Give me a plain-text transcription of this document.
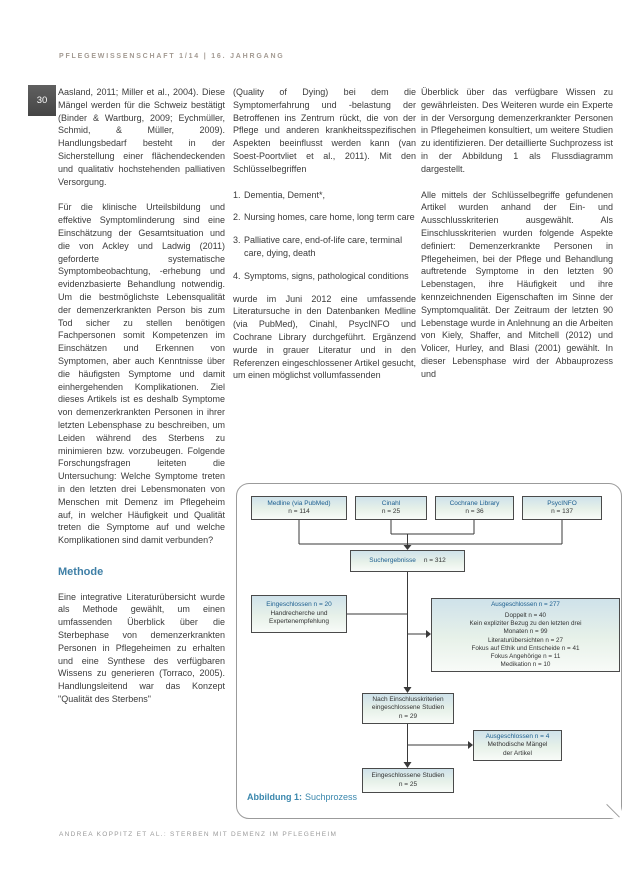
PFLEGEWISSENSCHAFT 1/14 | 16. JAHRGANG
30

Aasland, 2011; Miller et al., 2004). Diese Mängel werden für die Schweiz bestätigt (Binder & Wartburg, 2009; Eychmüller, Schmid, & Müller, 2009). Handlungsbedarf besteht in der Sicherstellung einer flächendeckenden und qualitativ hochstehenden palliativen Versorgung.

Für die klinische Urteilsbildung und effektive Symptomlinderung sind eine Einschätzung der Gesamtsituation und die von Ackley und Ladwig (2011) geforderte systematische Symptombeobachtung, -erhebung und evidenzbasierte Behandlung notwendig. Um die bestmöglichste Lebensqualität der demenzerkrankten Person bis zum Tod sicher zu stellen benötigen Fachpersonen somit Kompetenzen im Einschätzen und Erkennen von Symptomen, aber auch Kenntnisse über die häufigsten Symptome und damit einhergehenden Komplikationen. Ziel dieses Artikels ist es deshalb Symptome von demenzerkrankten Personen in ihrer letzten Lebensphase zu beschreiben, um Leiden während des Sterbens zu minimieren bzw. vorzubeugen. Folgende Forschungsfragen leiteten die Untersuchung: Welche Symptome treten in den letzten drei Lebensmonaten von Menschen mit Demenz im Pflegeheim auf, in welcher Häufigkeit und Qualität treten die Symptome auf und welche Komplikationen sind damit verbunden?

Methode

Eine integrative Literaturübersicht wurde als Methode gewählt, um einen umfassenden Überblick über die Sterbephase von demenzerkrankten Personen in Pflegeheimen zu erhalten und eine Synthese des verfügbaren Wissens zu generieren (Torraco, 2005). Handlungsleitend war das Konzept "Qualität des Sterbens"

(Quality of Dying) bei dem die Symptomerfahrung und -belastung der Betroffenen ins Zentrum rückt, die von der Pflege und anderen krankheitsspezifischen Aspekten beeinflusst werden kann (van Soest-Poortvliet et al., 2011). Mit den Schlüsselbegriffen

1. Dementia, Dement*,
2. Nursing homes, care home, long term care
3. Palliative care, end-of-life care, terminal care, dying, death
4. Symptoms, signs, pathological conditions

wurde im Juni 2012 eine umfassende Literatursuche in den Datenbanken Medline (via PubMed), Cinahl, PsycINFO und Cochrane Library durchgeführt. Ergänzend wurde in grauer Literatur und in den Referenzen eingeschlossener Artikel gesucht, um einen möglichst vollumfassenden

Überblick über das verfügbare Wissen zu gewährleisten. Des Weiteren wurde ein Experte in der Versorgung demenzerkrankter Personen in Pflegeheimen konsultiert, um weitere Studien zu identifizieren. Der detaillierte Suchprozess ist in der Abbildung 1 als Flussdiagramm dargestellt.

Alle mittels der Schlüsselbegriffe gefundenen Artikel wurden anhand der Ein- und Ausschlusskriterien ausgewählt. Als Einschlusskriterien wurden folgende Aspekte definiert: Demenzerkrankte Personen in Pflegeheimen, bei der Pflege und Behandlung auftretende Symptome in den letzten 90 Lebenstagen, ihre Häufigkeit und ihre kennzeichnenden Eigenschaften im Sinne der Symptomqualität. Der Zeitraum der letzten 90 Lebenstage wurde in Anlehnung an die Arbeiten von Kiely, Shaffer, and Mitchell (2012) und Volicer, Hurley, and Blasi (2001) gewählt. In dieser Lebensphase wird der Abbauprozess und

Medline (via PubMed)
n = 114
Cinahl
n = 25
Cochrane Library
n = 36
PsycINFO
n = 137
Suchergebnisse n = 312
Eingeschlossen n = 20
Handrecherche und
Expertenempfehlung
Ausgeschlossen n = 277
Doppelt n = 40
Kein expliziter Bezug zu den letzten drei
Monaten n = 99
Literaturübersichten n = 27
Fokus auf Ethik und Entscheide n = 41
Fokus Angehörige n = 11
Medikation n = 10
Nach Einschlusskriterien
eingeschlossene Studien
n = 29
Ausgeschlossen n = 4
Methodische Mängel
der Artikel
Eingeschlossene Studien
n = 25
Abbildung 1: Suchprozess
ANDREA KOPPITZ ET AL.: STERBEN MIT DEMENZ IM PFLEGEHEIM
